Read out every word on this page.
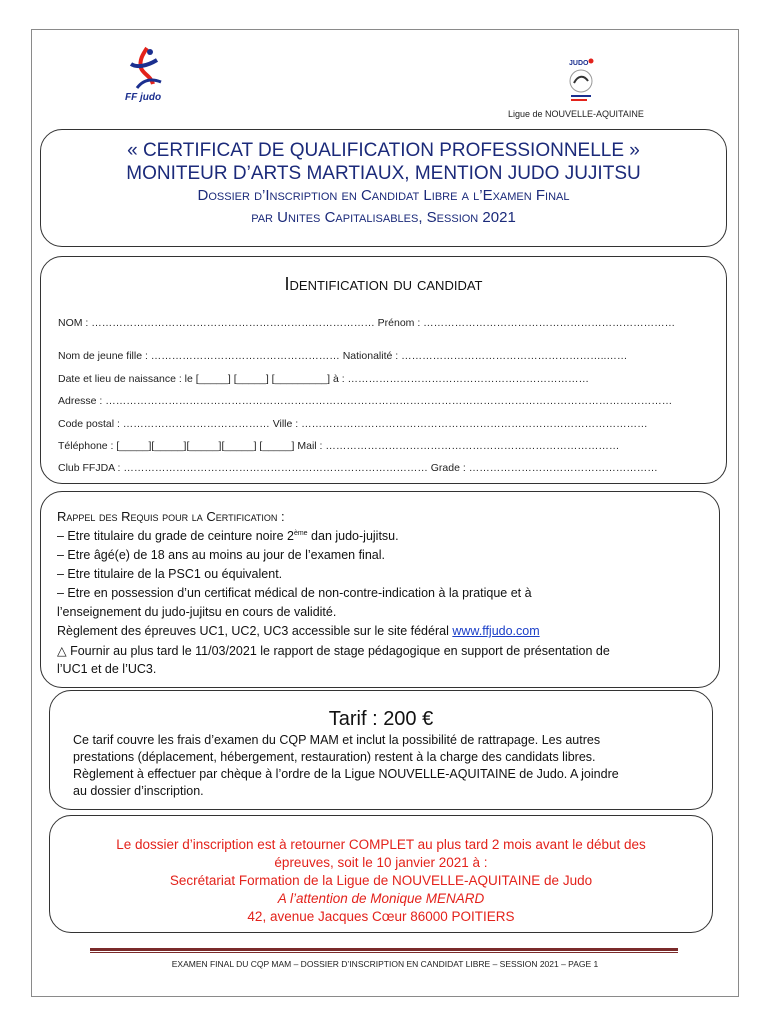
FF judo
JUDO
Ligue de NOUVELLE-AQUITAINE
« CERTIFICAT DE QUALIFICATION PROFESSIONNELLE »
MONITEUR D’ARTS MARTIAUX, MENTION JUDO JUJITSU
Dossier d’Inscription en Candidat Libre a l’Examen Final
par Unites Capitalisables, Session 2021
Identification du candidat
NOM : ……………………………………………………………………… Prénom : ………………………………………………………………
Nom de jeune fille : ……………………………………………… Nationalité : …………………………………………………..……
Date et lieu de naissance : le [_____] [_____] [_________] à : ……………………………………………………………
Adresse : ………………………………………………………………………………………………………………………………………………
Code postal : …………………………………… Ville : ………………………………………………………………………………………
Téléphone : [_____][_____][_____][_____] [_____] Mail : …………………………………………………………………………
Club FFJDA : …………………………………………………………………………… Grade : ………………………………………………
Rappel des Requis pour la Certification :
– Etre titulaire du grade de ceinture noire 2ème dan judo-jujitsu.
– Etre âgé(e) de 18 ans au moins au jour de l’examen final.
– Etre titulaire de la PSC1 ou équivalent.
– Etre en possession d’un certificat médical de non-contre-indication à la pratique et à
l’enseignement du judo-jujitsu en cours de validité.
Règlement des épreuves UC1, UC2, UC3 accessible sur le site fédéral www.ffjudo.com
△ Fournir au plus tard le 11/03/2021 le rapport de stage pédagogique en support de présentation de
l’UC1 et de l’UC3.
Tarif : 200 €
Ce tarif couvre les frais d’examen du CQP MAM et inclut la possibilité de rattrapage. Les autres
prestations (déplacement, hébergement, restauration) restent à la charge des candidats libres.
Règlement à effectuer par chèque à l’ordre de la Ligue NOUVELLE-AQUITAINE de Judo. A joindre
au dossier d’inscription.
Le dossier d’inscription est à retourner COMPLET au plus tard 2 mois avant le début des
épreuves, soit le 10 janvier 2021 à :
Secrétariat Formation de la Ligue de NOUVELLE-AQUITAINE de Judo
A l’attention de Monique MENARD
42, avenue Jacques Cœur 86000 POITIERS
EXAMEN FINAL DU CQP MAM – DOSSIER D’INSCRIPTION EN CANDIDAT LIBRE – SESSION 2021 – PAGE 1
